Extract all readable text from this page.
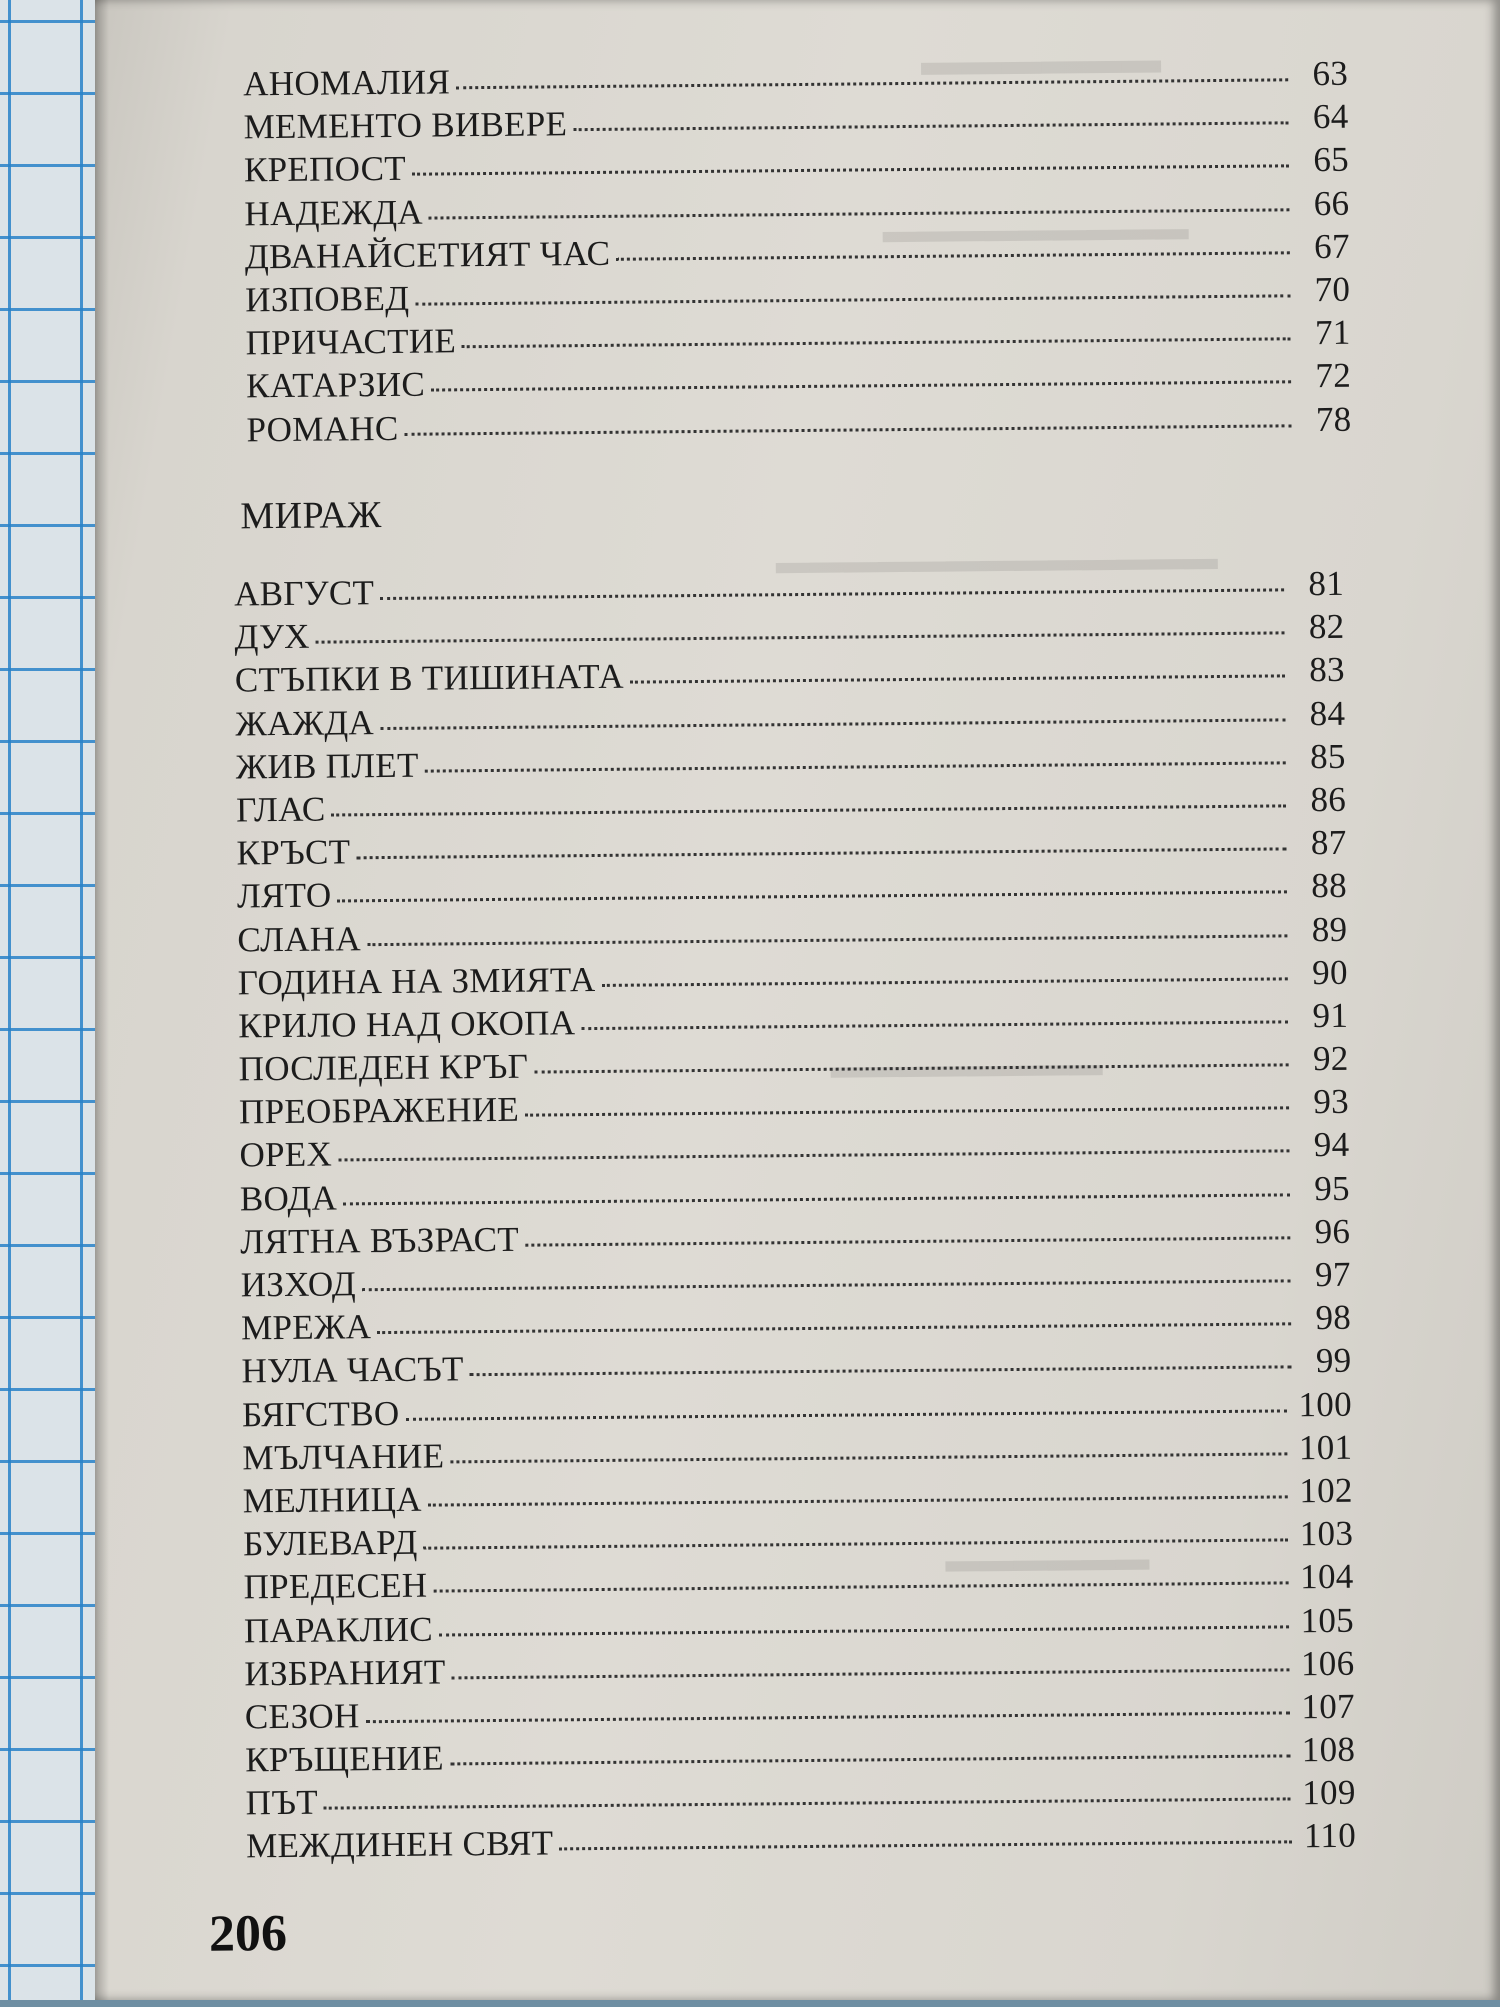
▬▬▬▬▬▬
▬▬▬▬▬▬▬▬▬
▬▬▬▬▬▬▬▬▬▬▬▬▬
▬▬▬▬▬▬▬▬
▬▬▬▬▬▬
АНОМАЛИЯ	63
МЕМЕНТО ВИВЕРЕ	64
КРЕПОСТ	65
НАДЕЖДА	66
ДВАНАЙСЕТИЯТ ЧАС	67
ИЗПОВЕД	70
ПРИЧАСТИЕ	71
КАТАРЗИС	72
РОМАНС	78
МИРАЖ
АВГУСТ	81
ДУХ	82
СТЪПКИ В ТИШИНАТА	83
ЖАЖДА	84
ЖИВ ПЛЕТ	85
ГЛАС	86
КРЪСТ	87
ЛЯТО	88
СЛАНА	89
ГОДИНА НА ЗМИЯТА	90
КРИЛО НАД ОКОПА	91
ПОСЛЕДЕН КРЪГ	92
ПРЕОБРАЖЕНИЕ	93
ОРЕХ	94
ВОДА	95
ЛЯТНА ВЪЗРАСТ	96
ИЗХОД	97
МРЕЖА	98
НУЛА ЧАСЪТ	99
БЯГСТВО	100
МЪЛЧАНИЕ	101
МЕЛНИЦА	102
БУЛЕВАРД	103
ПРЕДЕСЕН	104
ПАРАКЛИС	105
ИЗБРАНИЯТ	106
СЕЗОН	107
КРЪЩЕНИЕ	108
ПЪТ	109
МЕЖДИНЕН СВЯТ	110
206
